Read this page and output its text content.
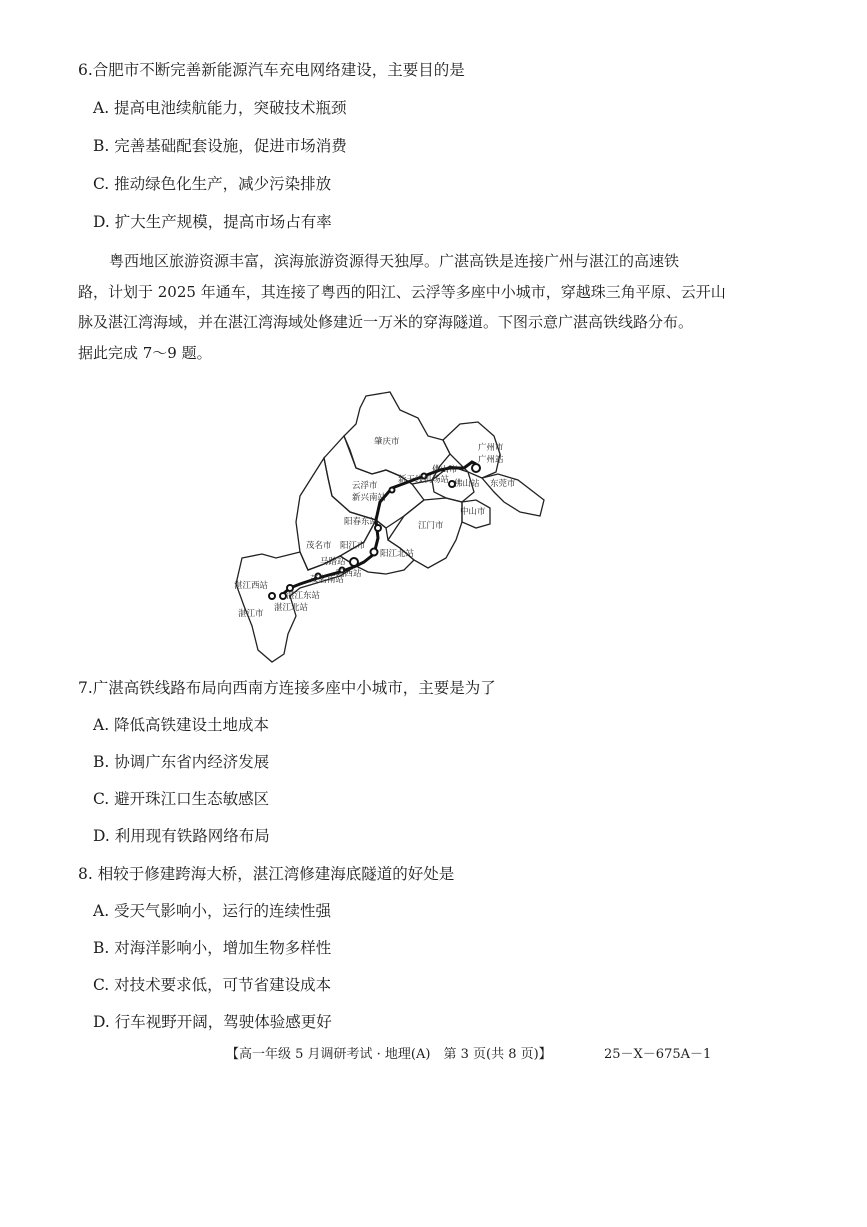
6.合肥市不断完善新能源汽车充电网络建设，主要目的是
A. 提高电池续航能力，突破技术瓶颈
B. 完善基础配套设施，促进市场消费
C. 推动绿色化生产，减少污染排放
D. 扩大生产规模，提高市场占有率
粤西地区旅游资源丰富，滨海旅游资源得天独厚。广湛高铁是连接广州与湛江的高速铁
路，计划于 2025 年通车，其连接了粤西的阳江、云浮等多座中小城市，穿越珠三角平原、云开山
脉及湛江湾海域，并在湛江湾海域处修建近一万米的穿海隧道。下图示意广湛高铁线路分布。
据此完成 7～9 题。
肇庆市
广州市
广州站
佛山市
佛山站
新干线机场站
云浮市
新兴南站
东莞市
中山市
阳春东站	江门市
茂名市 阳江市
阳江北站
马踏站
阳西站
茂名南站
湛江西站
湛江东站
湛江北站
湛江市
7.广湛高铁线路布局向西南方连接多座中小城市，主要是为了
A. 降低高铁建设土地成本
B. 协调广东省内经济发展
C. 避开珠江口生态敏感区
D. 利用现有铁路网络布局
8. 相较于修建跨海大桥，湛江湾修建海底隧道的好处是
A. 受天气影响小，运行的连续性强
B. 对海洋影响小，增加生物多样性
C. 对技术要求低，可节省建设成本
D. 行车视野开阔，驾驶体验感更好
【高一年级 5 月调研考试 · 地理(A)　第 3 页(共 8 页)】	25－X－675A－1
